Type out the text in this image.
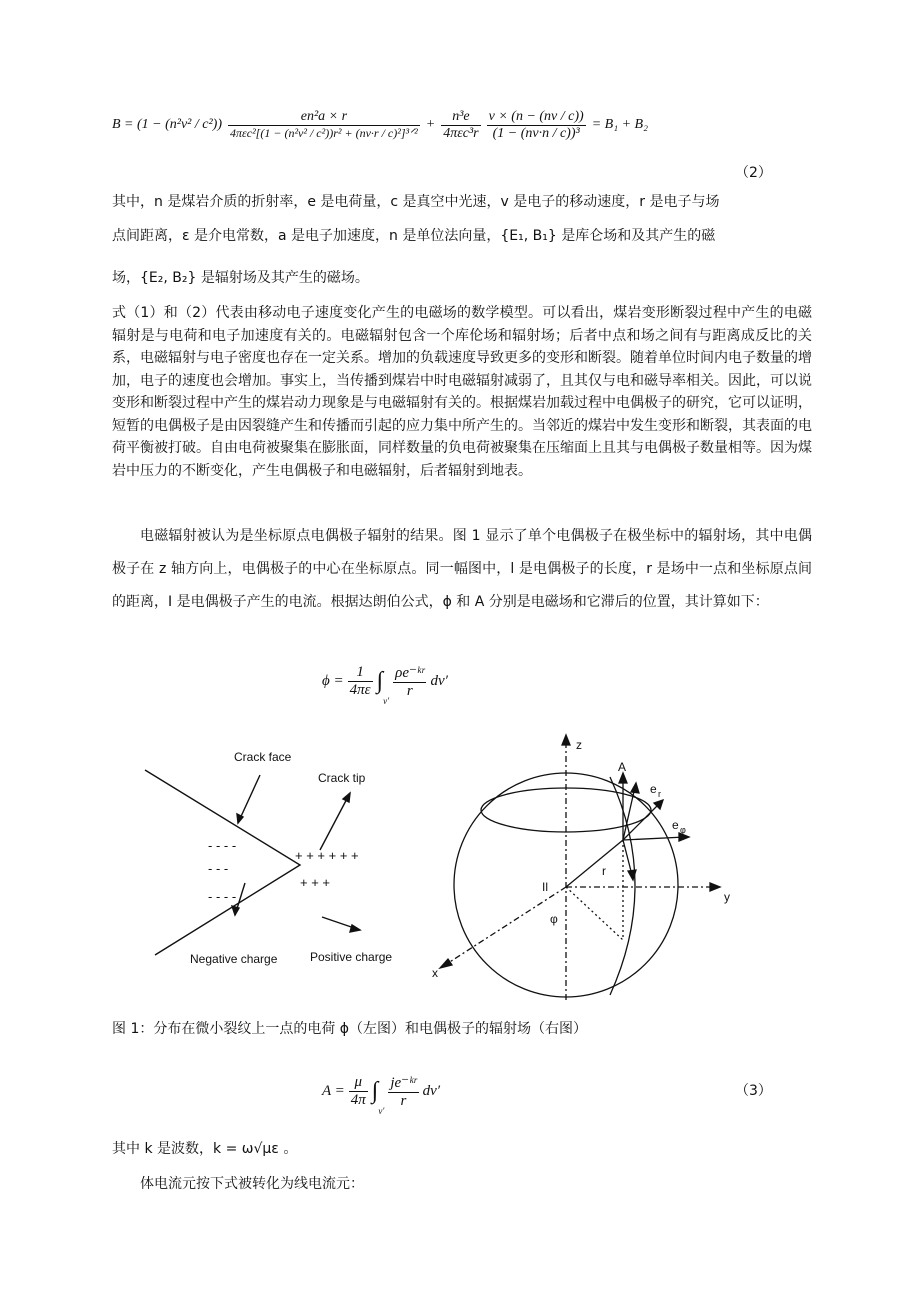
$B = (1 - (n^2v^2 / c^2)) \frac{\text{en²a × r}}{\text{4πεc²[(1 − (n²v² / c²))r² + (nv·r / c)²]³ᐟ²}} + \frac{\text{n³e}}{\text{4πεc³r}} \frac{v \times (n - (nv / c))}{\text{(1 − (nv·n / c))³}} = B_1 + B_2$
（2）
其中，n 是煤岩介质的折射率，e 是电荷量，c 是真空中光速，v 是电子的移动速度，r 是电子与场
点间距离，ε 是介电常数，a 是电子加速度，n 是单位法向量，{E₁, B₁} 是库仑场和及其产生的磁
场，{E₂, B₂} 是辐射场及其产生的磁场。
式（1）和（2）代表由移动电子速度变化产生的电磁场的数学模型。可以看出，煤岩变形断裂过程中产生的电磁辐射是与电荷和电子加速度有关的。电磁辐射包含一个库伦场和辐射场；后者中点和场之间有与距离成反比的关系，电磁辐射与电子密度也存在一定关系。增加的负载速度导致更多的变形和断裂。随着单位时间内电子数量的增加，电子的速度也会增加。事实上，当传播到煤岩中时电磁辐射减弱了，且其仅与电和磁导率相关。因此，可以说变形和断裂过程中产生的煤岩动力现象是与电磁辐射有关的。根据煤岩加载过程中电偶极子的研究，它可以证明，短暂的电偶极子是由因裂缝产生和传播而引起的应力集中所产生的。当邻近的煤岩中发生变形和断裂，其表面的电荷平衡被打破。自由电荷被聚集在膨胀面，同样数量的负电荷被聚集在压缩面上且其与电偶极子数量相等。因为煤岩中压力的不断变化，产生电偶极子和电磁辐射，后者辐射到地表。
电磁辐射被认为是坐标原点电偶极子辐射的结果。图 1 显示了单个电偶极子在极坐标中的辐射场，其中电偶极子在 z 轴方向上，电偶极子的中心在坐标原点。同一幅图中，l 是电偶极子的长度，r 是场中一点和坐标原点间的距离，I 是电偶极子产生的电流。根据达朗伯公式，ϕ 和 A 分别是电磁场和它滞后的位置，其计算如下：
$\phi = \frac{1}{4\pi\varepsilon}$ ∫
v′
$\frac{\text{ρe⁻ᵏʳ}}{r} dv'$
Crack face
Crack tip
+ + + + + +
+ + +
- - - -
- - -
- - - -
Negative charge	Positive charge
z
y
x
A
e r
e φ
r
Il
φ
图 1：分布在微小裂纹上一点的电荷 ϕ（左图）和电偶极子的辐射场（右图）
$A = \frac{\mu}{4\pi}$ ∫
v′
$\frac{\text{je⁻ᵏʳ}}{r} dv'$	（3）
其中 k 是波数，k = ω√με 。
体电流元按下式被转化为线电流元：
